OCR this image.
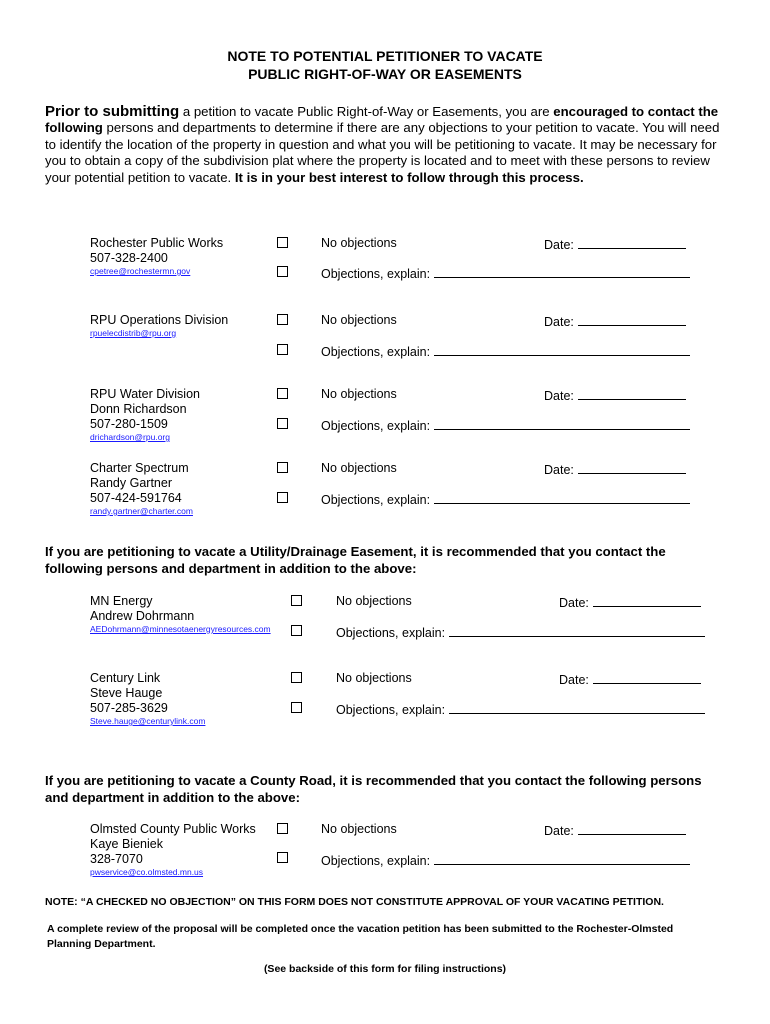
NOTE TO POTENTIAL PETITIONER TO VACATE
PUBLIC RIGHT-OF-WAY OR EASEMENTS
Prior to submitting a petition to vacate Public Right-of-Way or Easements, you are encouraged to contact the following persons and departments to determine if there are any objections to your petition to vacate. You will need to identify the location of the property in question and what you will be petitioning to vacate. It may be necessary for you to obtain a copy of the subdivision plat where the property is located and to meet with these persons to review your potential petition to vacate. It is in your best interest to follow through this process.
Rochester Public Works
507-328-2400
cpetree@rochestermn.gov
No objections	Date:
Objections, explain:
RPU Operations Division
rpuelecdistrib@rpu.org
No objections	Date:
Objections, explain:
RPU Water Division
Donn Richardson
507-280-1509
drichardson@rpu.org
No objections	Date:
Objections, explain:
Charter Spectrum
Randy Gartner
507-424-591764
randy.gartner@charter.com
No objections	Date:
Objections, explain:
If you are petitioning to vacate a Utility/Drainage Easement, it is recommended that you contact the following persons and department in addition to the above:
MN Energy
Andrew Dohrmann
AEDohrmann@minnesotaenergyresources.com
No objections	Date:
Objections, explain:
Century Link
Steve Hauge
507-285-3629
Steve.hauge@centurylink.com
No objections	Date:
Objections, explain:
If you are petitioning to vacate a County Road, it is recommended that you contact the following persons and department in addition to the above:
Olmsted County Public Works
Kaye Bieniek
328-7070
pwservice@co.olmsted.mn.us
No objections	Date:
Objections, explain:
NOTE: “A CHECKED NO OBJECTION” ON THIS FORM DOES NOT CONSTITUTE APPROVAL OF YOUR VACATING PETITION.
A complete review of the proposal will be completed once the vacation petition has been submitted to the Rochester-Olmsted Planning Department.
(See backside of this form for filing instructions)
